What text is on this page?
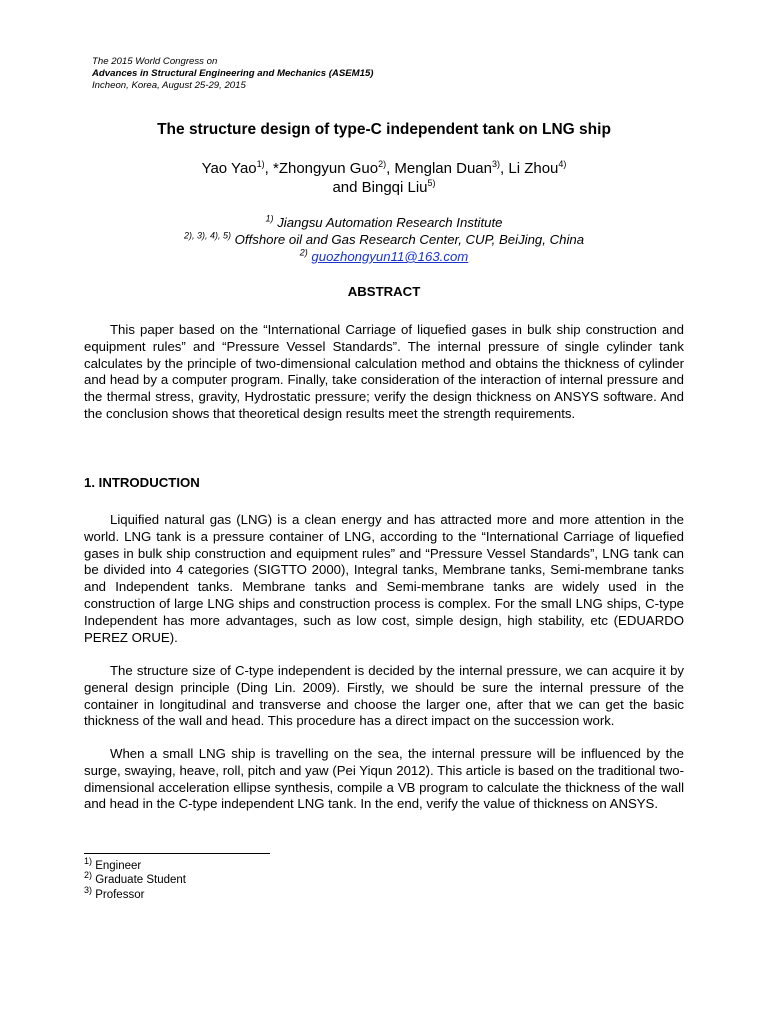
The 2015 World Congress on
Advances in Structural Engineering and Mechanics (ASEM15)
Incheon, Korea, August 25-29, 2015
The structure design of type-C independent tank on LNG ship
Yao Yao$^{1)}$, *Zhongyun Guo$^{2)}$, Menglan Duan$^{3)}$, Li Zhou$^{4)}$
and Bingqi Liu$^{5)}$
$^{1)}$ Jiangsu Automation Research Institute
$^{2), 3), 4), 5)}$ Offshore oil and Gas Research Center, CUP, BeiJing, China
$^{2)}$ guozhongyun11@163.com
ABSTRACT

This paper based on the “International Carriage of liquefied gases in bulk ship construction and equipment rules” and “Pressure Vessel Standards”. The internal pressure of single cylinder tank calculates by the principle of two-dimensional calculation method and obtains the thickness of cylinder and head by a computer program. Finally, take consideration of the interaction of internal pressure and the thermal stress, gravity, Hydrostatic pressure; verify the design thickness on ANSYS software. And the conclusion shows that theoretical design results meet the strength requirements.

1. INTRODUCTION

Liquified natural gas (LNG) is a clean energy and has attracted more and more attention in the world. LNG tank is a pressure container of LNG, according to the “International Carriage of liquefied gases in bulk ship construction and equipment rules” and “Pressure Vessel Standards”, LNG tank can be divided into 4 categories (SIGTTO 2000), Integral tanks, Membrane tanks, Semi-membrane tanks and Independent tanks. Membrane tanks and Semi-membrane tanks are widely used in the construction of large LNG ships and construction process is complex. For the small LNG ships, C-type Independent has more advantages, such as low cost, simple design, high stability, etc (EDUARDO PEREZ ORUE).

The structure size of C-type independent is decided by the internal pressure, we can acquire it by general design principle (Ding Lin. 2009). Firstly, we should be sure the internal pressure of the container in longitudinal and transverse and choose the larger one, after that we can get the basic thickness of the wall and head. This procedure has a direct impact on the succession work.

When a small LNG ship is travelling on the sea, the internal pressure will be influenced by the surge, swaying, heave, roll, pitch and yaw (Pei Yiqun 2012). This article is based on the traditional two-dimensional acceleration ellipse synthesis, compile a VB program to calculate the thickness of the wall and head in the C-type independent LNG tank. In the end, verify the value of thickness on ANSYS.

$^{1)}$ Engineer
$^{2)}$ Graduate Student
$^{3)}$ Professor
